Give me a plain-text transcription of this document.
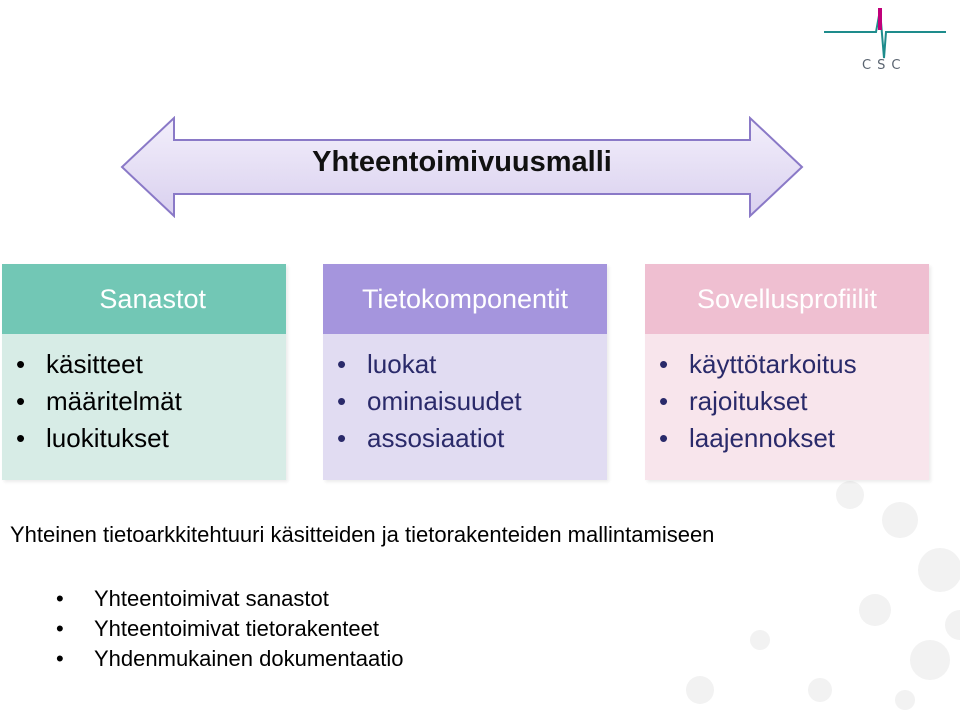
CSC
Yhteentoimivuusmalli
Sanastot
• käsitteet
• määritelmät
• luokitukset
Tietokomponentit
• luokat
• ominaisuudet
• assosiaatiot
Sovellusprofiilit
• käyttötarkoitus
• rajoitukset
• laajennokset
Yhteinen tietoarkkitehtuuri käsitteiden ja tietorakenteiden mallintamiseen
• Yhteentoimivat sanastot
• Yhteentoimivat tietorakenteet
• Yhdenmukainen dokumentaatio
